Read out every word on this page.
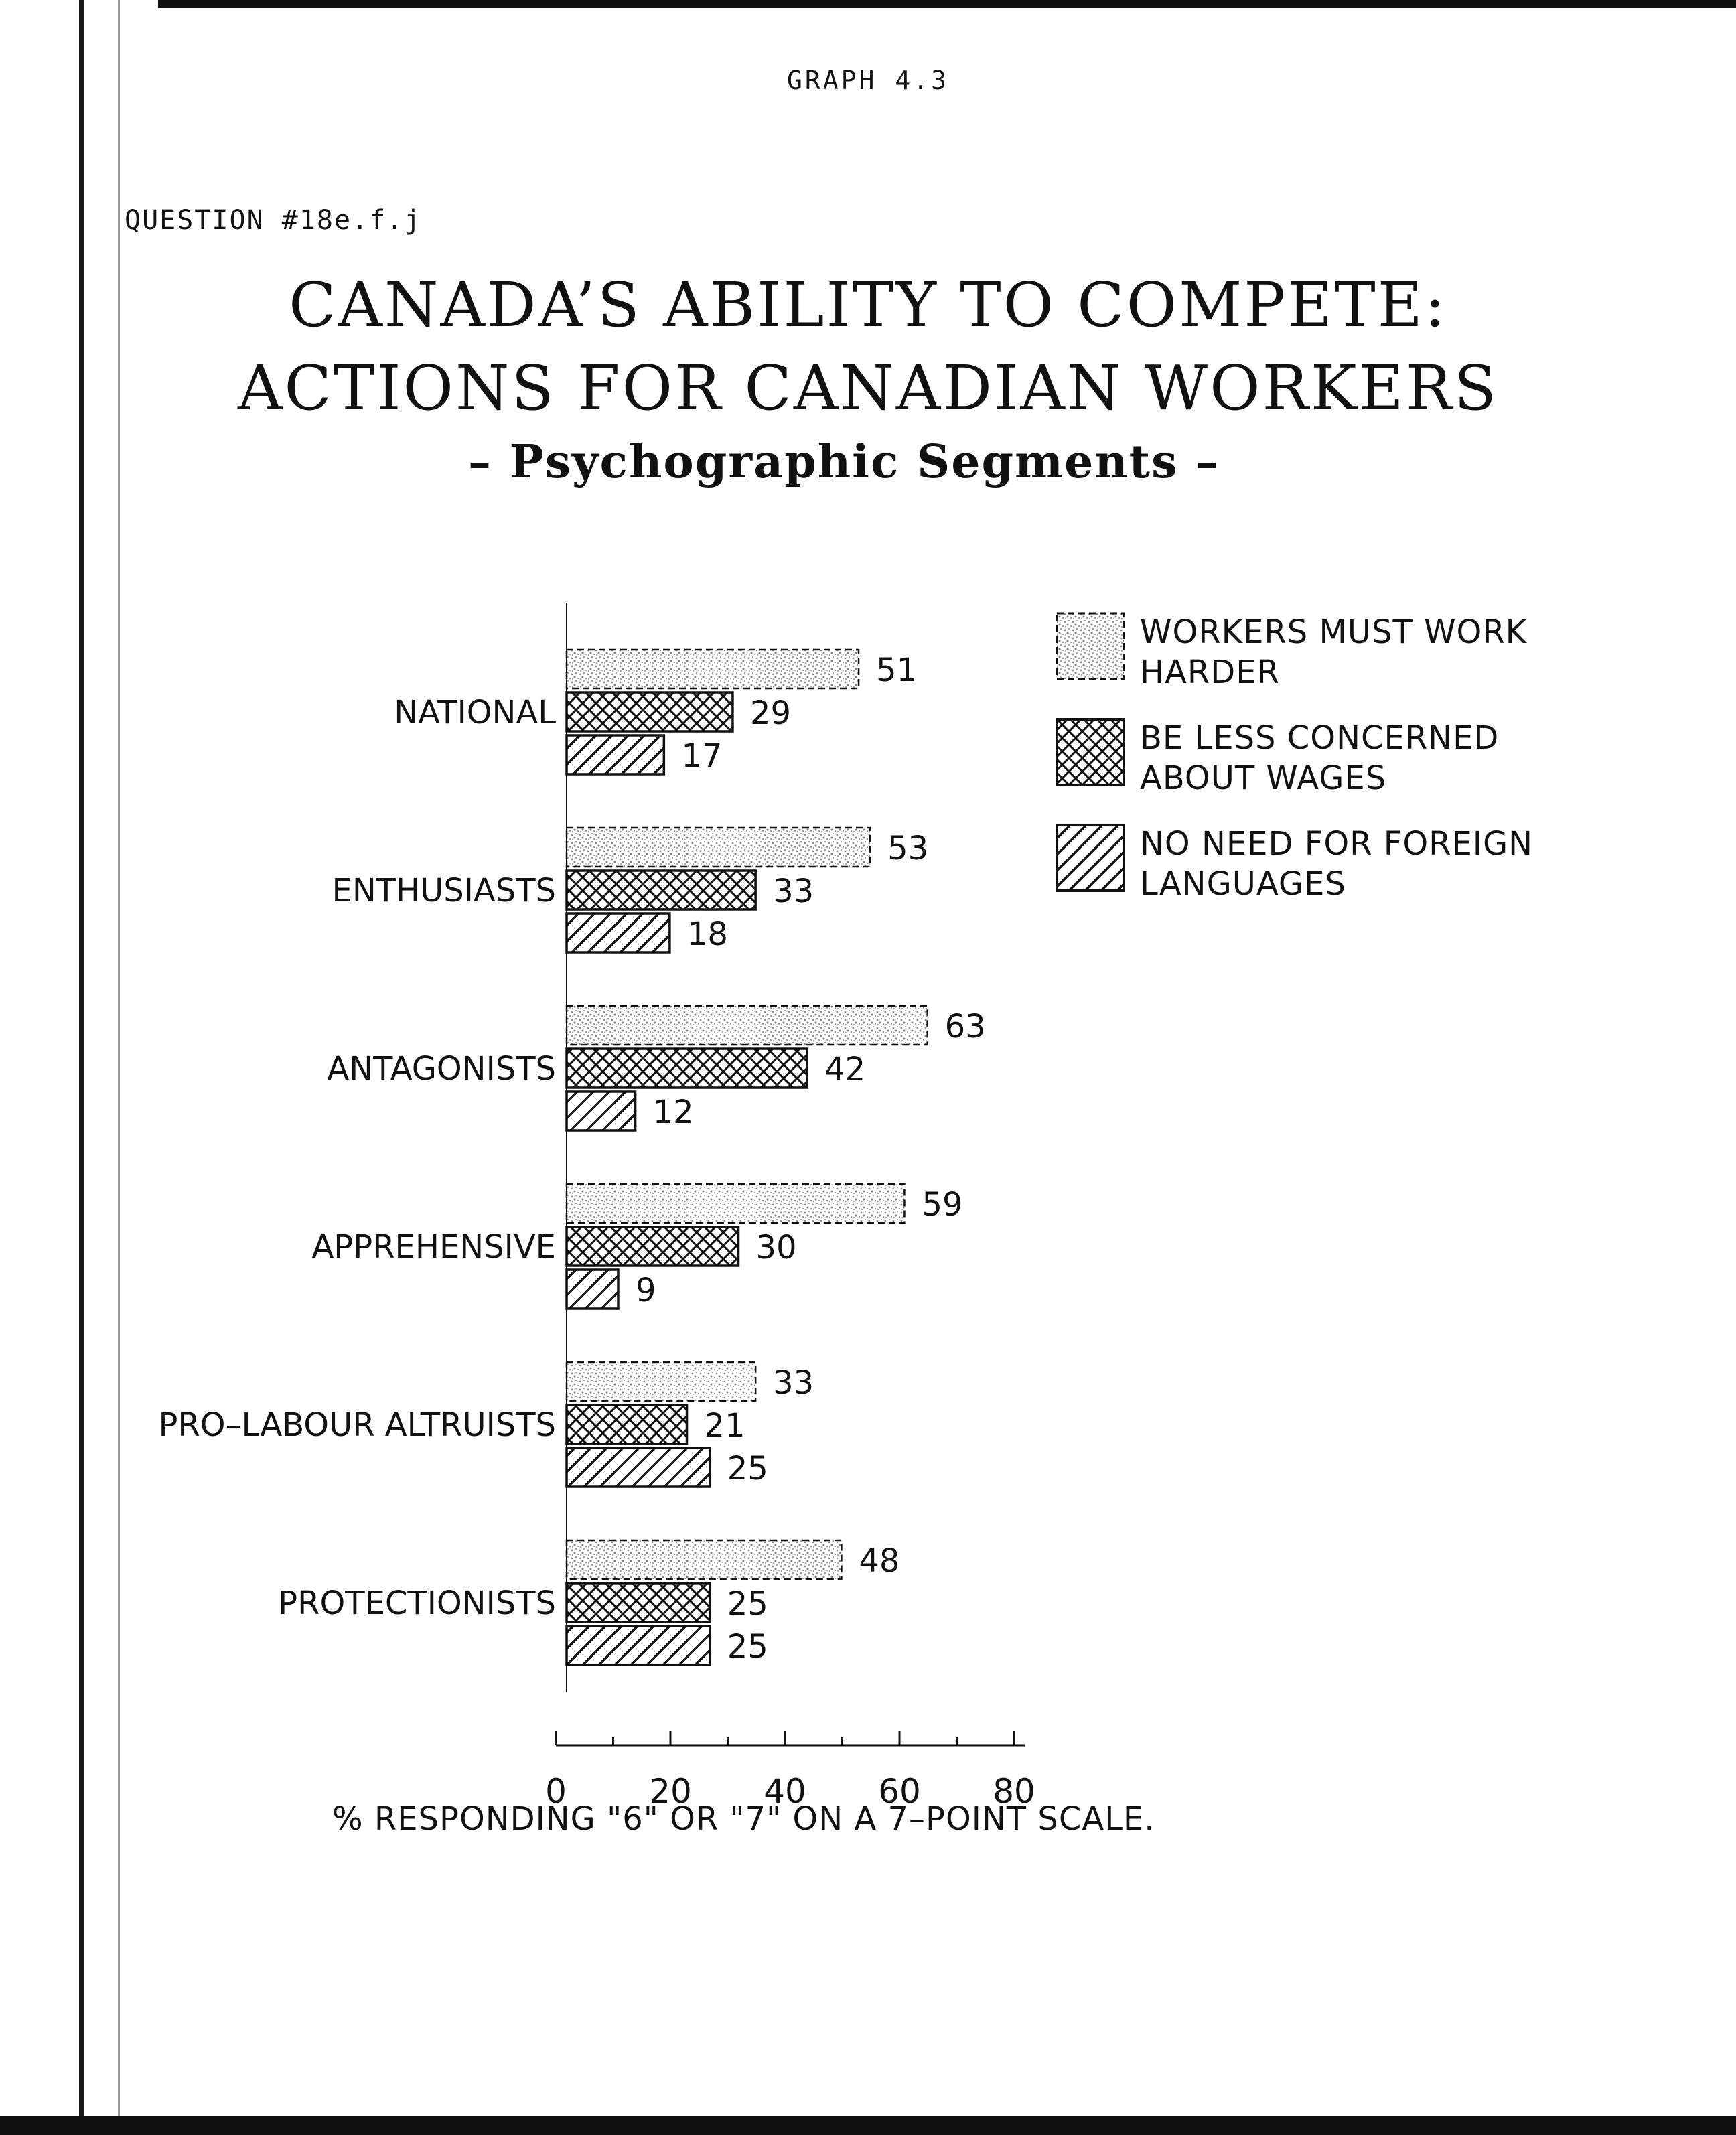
GRAPH 4.3
QUESTION #18e.f.j
CANADA’S ABILITY TO COMPETE:
ACTIONS FOR CANADIAN WORKERS
– Psychographic Segments –
NATIONAL
51
29
17
ENTHUSIASTS
53
33
18
ANTAGONISTS
63
42
12
APPREHENSIVE
59
30
9
PRO–LABOUR ALTRUISTS
33
21
25
PROTECTIONISTS
48
25
25
0 20 40 60 80
WORKERS MUST WORK HARDER
BE LESS CONCERNED ABOUT WAGES
NO NEED FOR FOREIGN LANGUAGES
% RESPONDING "6" OR "7" ON A 7–POINT SCALE.
